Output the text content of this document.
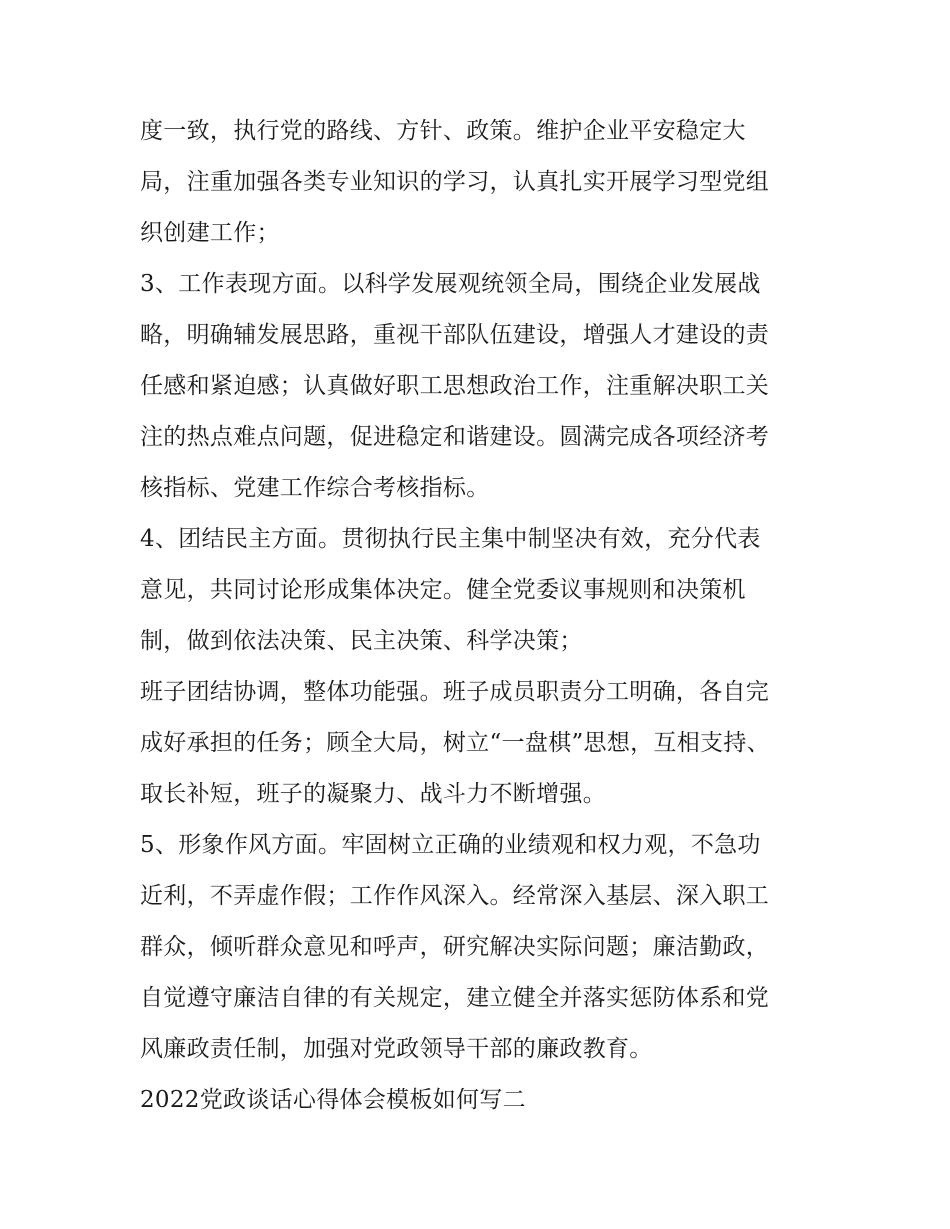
度一致，执行党的路线、方针、政策。维护企业平安稳定大
局，注重加强各类专业知识的学习，认真扎实开展学习型党组
织创建工作；
3、工作表现方面。以科学发展观统领全局，围绕企业发展战
略，明确辅发展思路，重视干部队伍建设，增强人才建设的责
任感和紧迫感；认真做好职工思想政治工作，注重解决职工关
注的热点难点问题，促进稳定和谐建设。圆满完成各项经济考
核指标、党建工作综合考核指标。
4、团结民主方面。贯彻执行民主集中制坚决有效，充分代表
意见，共同讨论形成集体决定。健全党委议事规则和决策机
制，做到依法决策、民主决策、科学决策；
班子团结协调，整体功能强。班子成员职责分工明确，各自完
成好承担的任务；顾全大局，树立“一盘棋”思想，互相支持、
取长补短，班子的凝聚力、战斗力不断增强。
5、形象作风方面。牢固树立正确的业绩观和权力观，不急功
近利，不弄虚作假；工作作风深入。经常深入基层、深入职工
群众，倾听群众意见和呼声，研究解决实际问题；廉洁勤政，
自觉遵守廉洁自律的有关规定，建立健全并落实惩防体系和党
风廉政责任制，加强对党政领导干部的廉政教育。
2022党政谈话心得体会模板如何写二
